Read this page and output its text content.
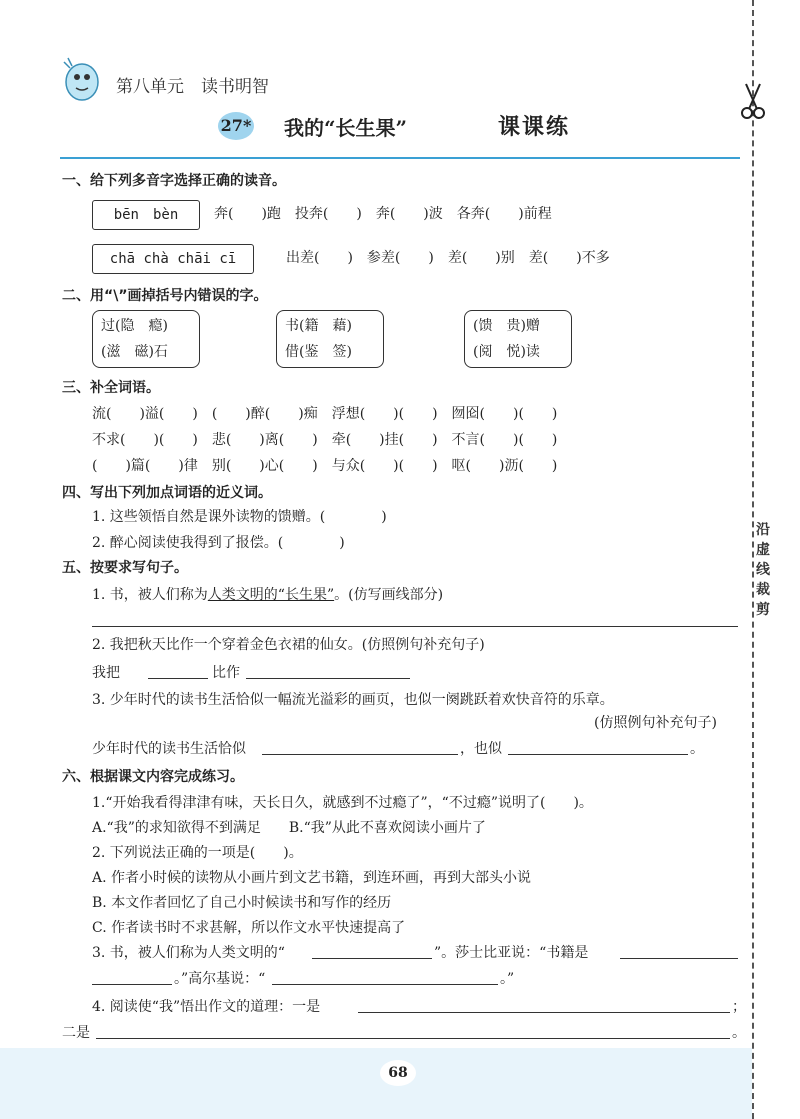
沿
虚
线
裁
剪
第八单元　读书明智
27* 我的“长生果”	课课练
一、给下列多音字选择正确的读音。
bēn　bèn	奔(　　)跑　投奔(　　)　奔(　　)波　各奔(　　)前程
chā chà chāi cī	出差(　　)　参差(　　)　差(　　)别　差(　　)不多
二、用“\”画掉括号内错误的字。
过(隐　瘾)
(滋　磁)石
书(籍　藉)
借(鉴　签)
(馈　贵)赠
(阅　悦)读
三、补全词语。
流(　　)溢(　　)　(　　)醉(　　)痴　浮想(　　)(　　)　囫囵(　　)(　　)
不求(　　)(　　)　悲(　　)离(　　)　牵(　　)挂(　　)　不言(　　)(　　)
(　　)篇(　　)律　别(　　)心(　　)　与众(　　)(　　)　呕(　　)沥(　　)
四、写出下列加点词语的近义词。
1. 这些领悟自然是课外读物的馈赠。(　　　　)
2. 醉心阅读使我得到了报偿。(　　　　)
五、按要求写句子。
1. 书，被人们称为人类文明的“长生果”。(仿写画线部分)
2. 我把秋天比作一个穿着金色衣裙的仙女。(仿照例句补充句子)
我把	比作
3. 少年时代的读书生活恰似一幅流光溢彩的画页，也似一阕跳跃着欢快音符的乐章。
(仿照例句补充句子)
少年时代的读书生活恰似	，也似	。
六、根据课文内容完成练习。
1.“开始我看得津津有味，天长日久，就感到不过瘾了”，“不过瘾”说明了(　　)。
A.“我”的求知欲得不到满足　　B.“我”从此不喜欢阅读小画片了
2. 下列说法正确的一项是(　　)。
A. 作者小时候的读物从小画片到文艺书籍，到连环画，再到大部头小说
B. 本文作者回忆了自己小时候读书和写作的经历
C. 作者读书时不求甚解，所以作文水平快速提高了
3. 书，被人们称为人类文明的“	”。莎士比亚说：“书籍是
。”高尔基说：“	。”
4. 阅读使“我”悟出作文的道理：一是	；
二是	。
68
